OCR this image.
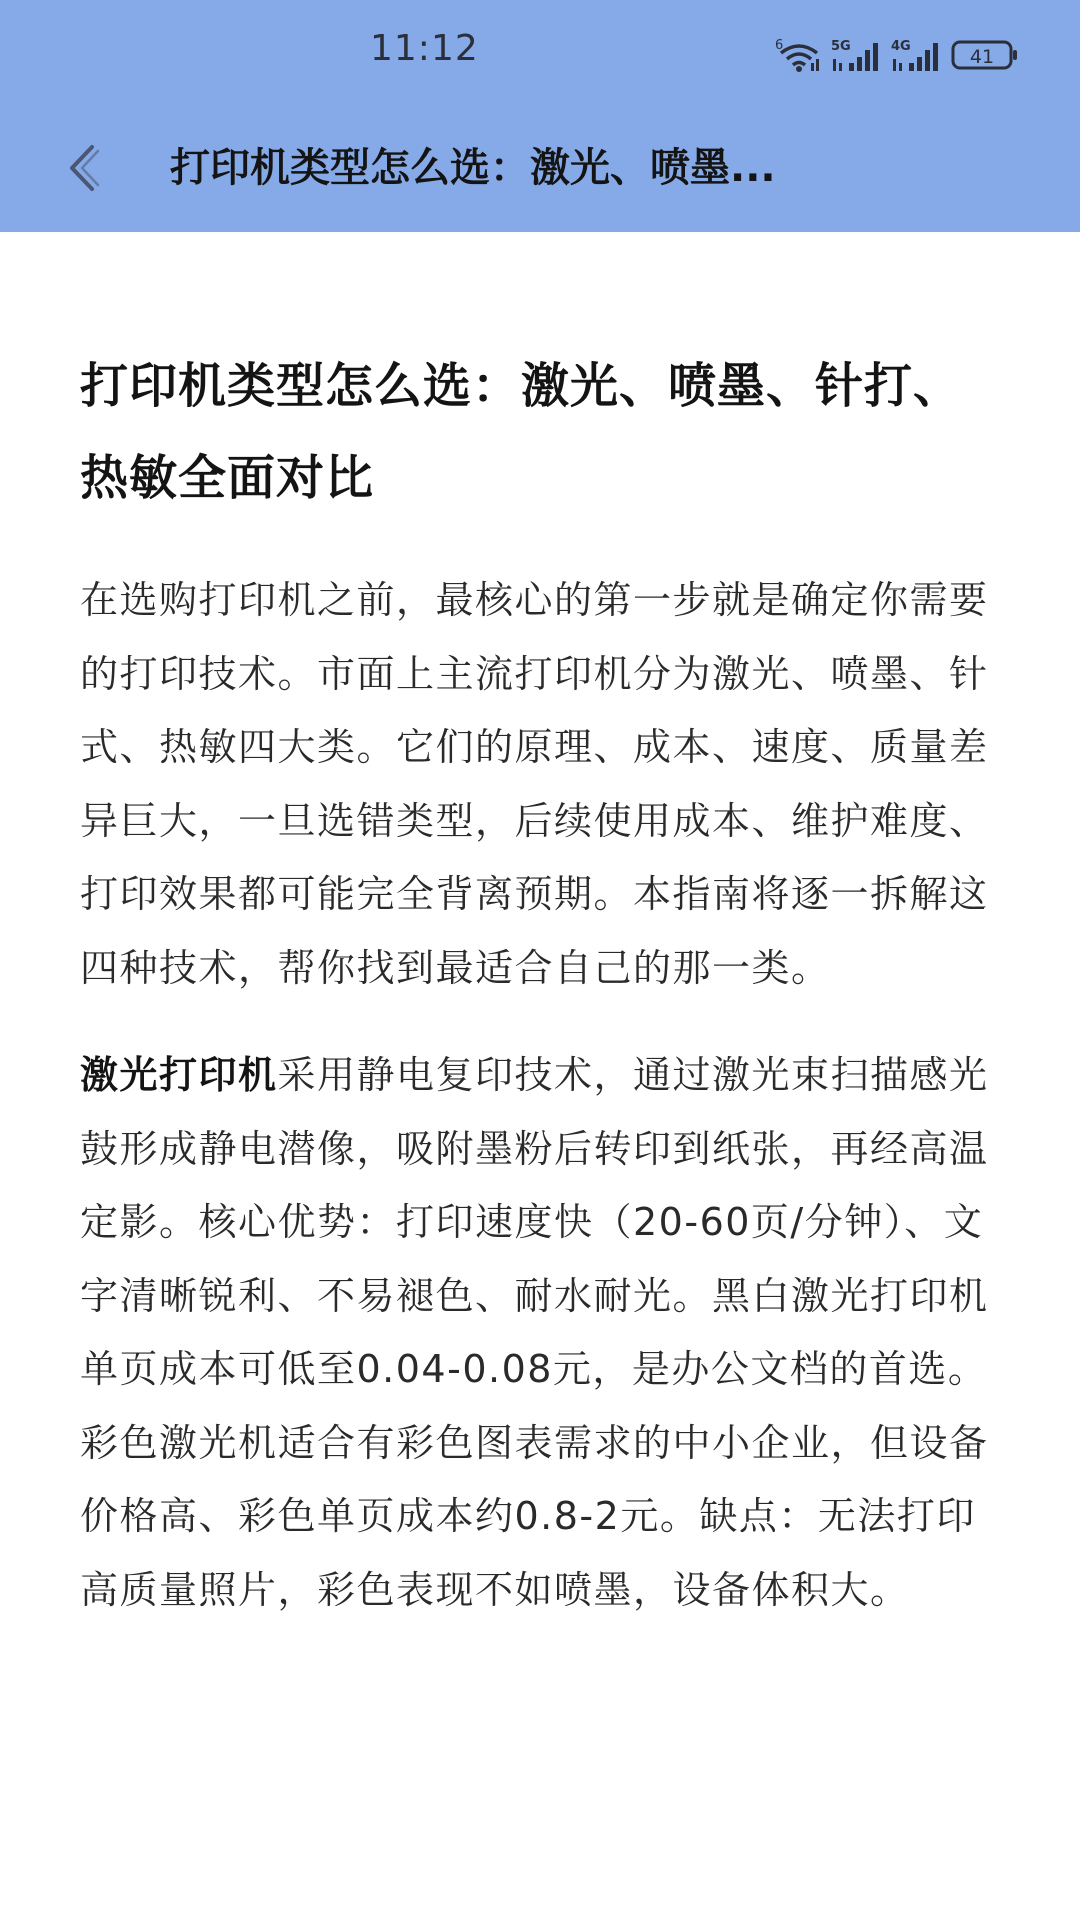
11:12	6	5G	4G	41
打印机类型怎么选：激光、喷墨...
打印机类型怎么选：激光、喷墨、针打、热敏全面对比

在选购打印机之前，最核心的第一步就是确定你需要的打印技术。市面上主流打印机分为激光、喷墨、针式、热敏四大类。它们的原理、成本、速度、质量差异巨大，一旦选错类型，后续使用成本、维护难度、打印效果都可能完全背离预期。本指南将逐一拆解这四种技术，帮你找到最适合自己的那一类。

激光打印机采用静电复印技术，通过激光束扫描感光鼓形成静电潜像，吸附墨粉后转印到纸张，再经高温定影。核心优势：打印速度快（20-60页/分钟）、文字清晰锐利、不易褪色、耐水耐光。黑白激光打印机单页成本可低至0.04-0.08元，是办公文档的首选。彩色激光机适合有彩色图表需求的中小企业，但设备价格高、彩色单页成本约0.8-2元。缺点：无法打印高质量照片，彩色表现不如喷墨，设备体积大。
